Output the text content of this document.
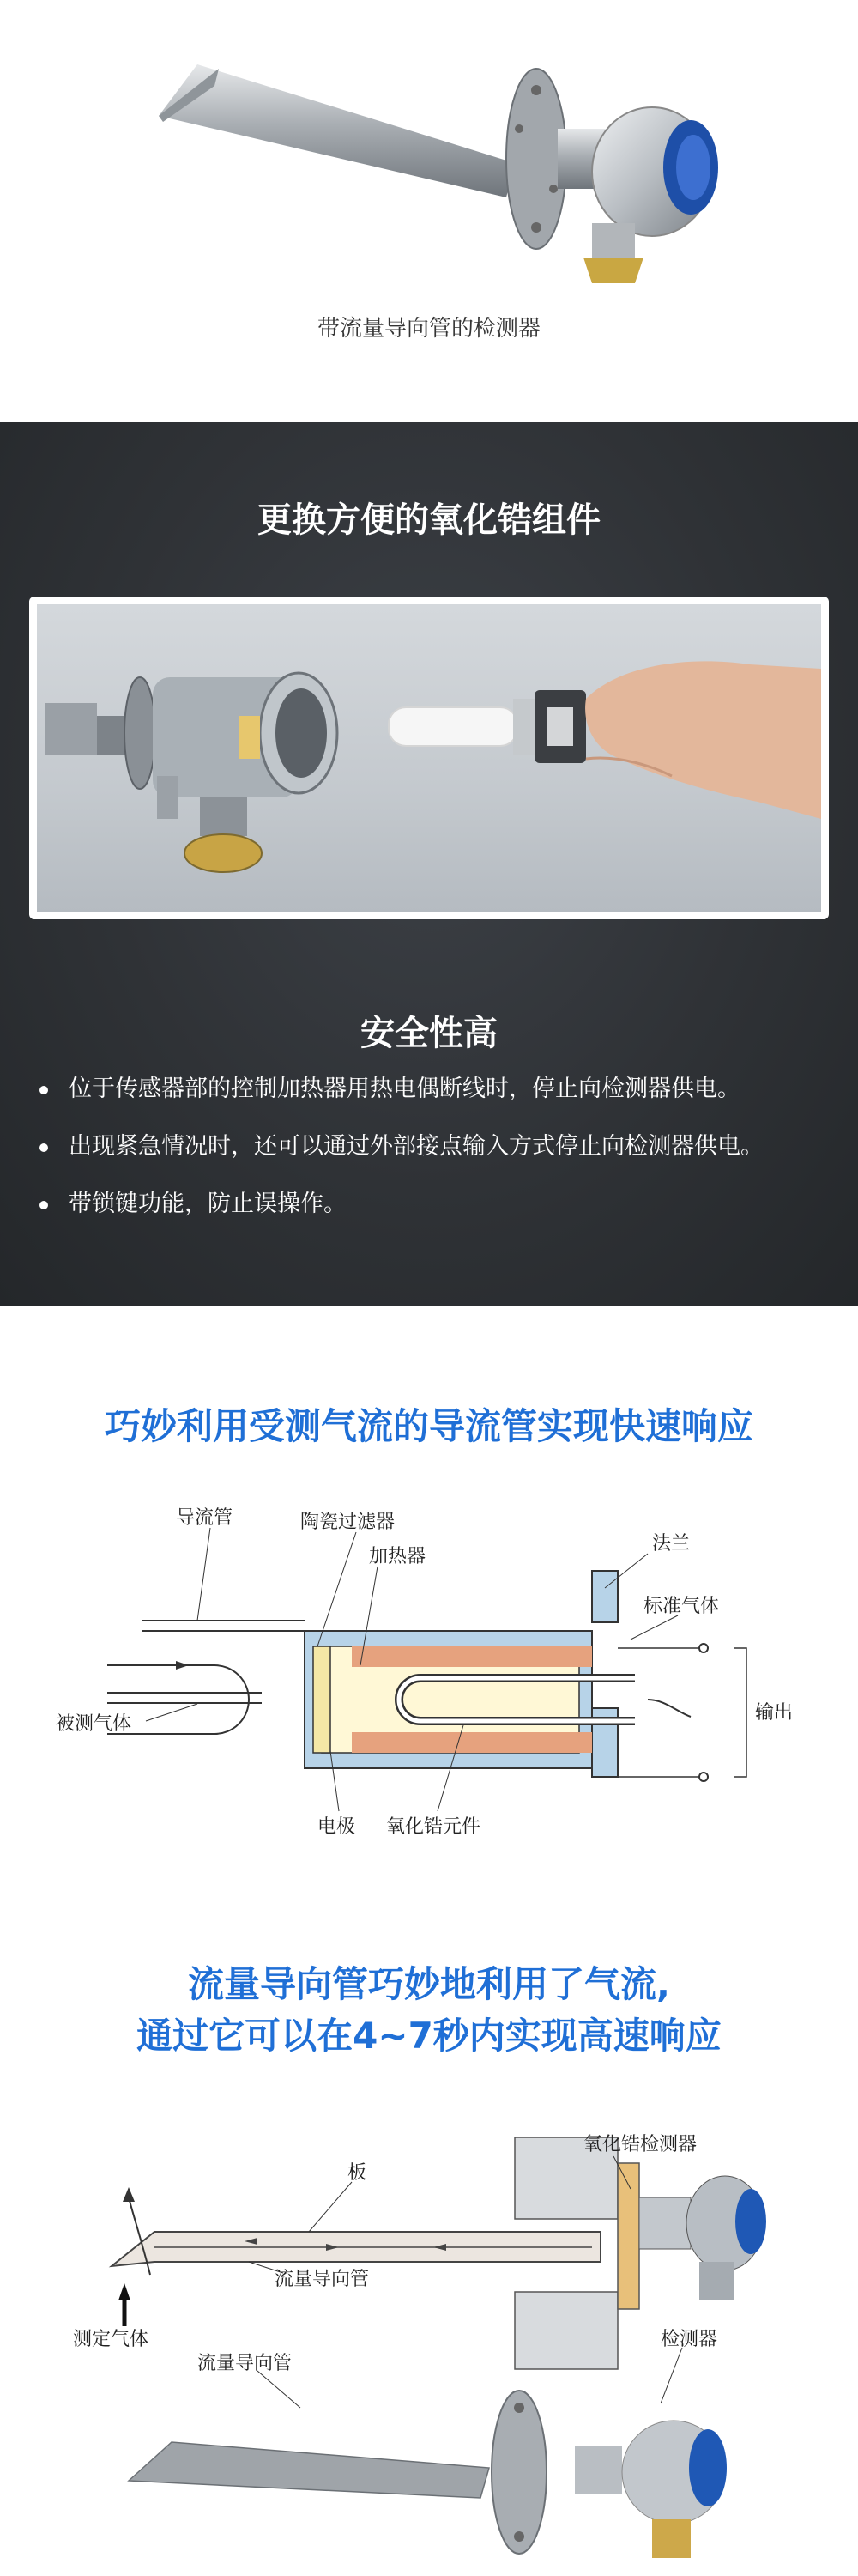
带流量导向管的检测器
更换方便的氧化锆组件
安全性高
位于传感器部的控制加热器用热电偶断线时，停止向检测器供电。
出现紧急情况时，还可以通过外部接点输入方式停止向检测器供电。
带锁键功能，防止误操作。
巧妙利用受测气流的导流管实现快速响应
陶瓷过滤器
加热器
导流管
法兰
标准气体
输出
被测气体
电极 氧化锆元件
流量导向管巧妙地利用了气流,
通过它可以在4~7秒内实现高速响应
氧化锆检测器
板
流量导向管
测定气体
流量导向管
检测器
